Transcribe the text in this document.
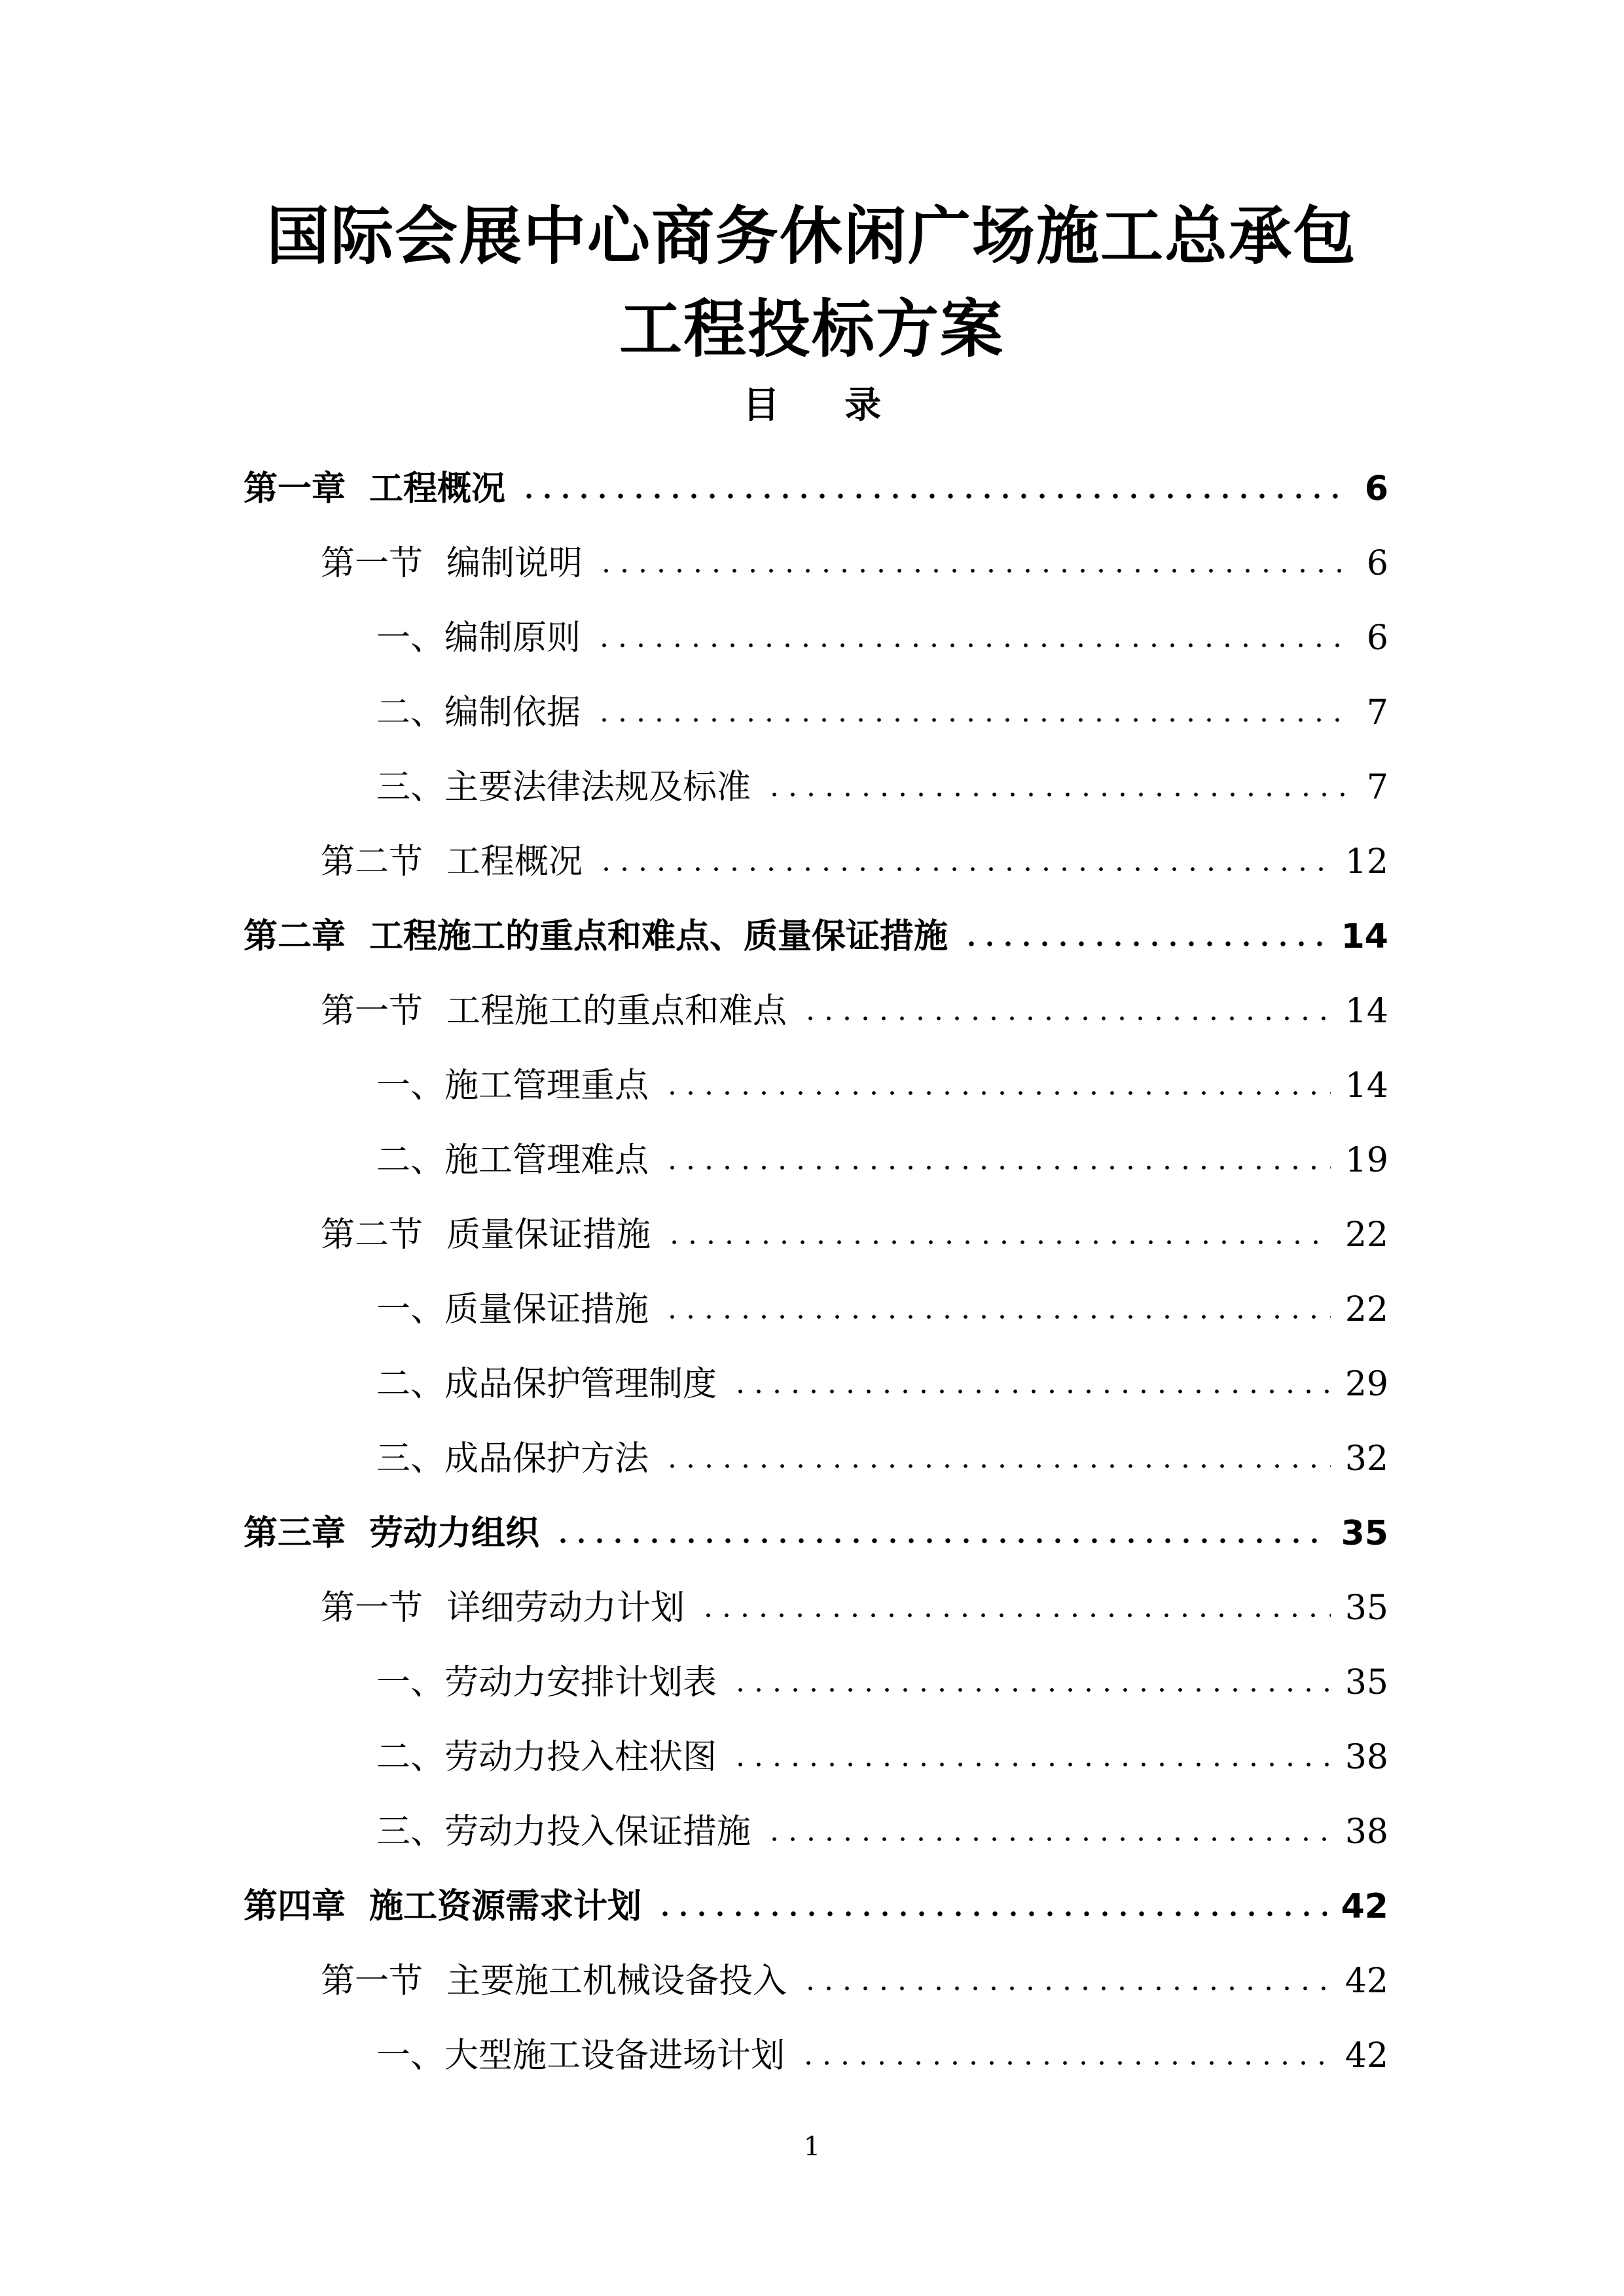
国际会展中心商务休闲广场施工总承包工程投标方案
目 录
第一章 工程概况	6
第一节 编制说明	6
一、编制原则	6
二、编制依据	7
三、主要法律法规及标准	7
第二节 工程概况	12
第二章 工程施工的重点和难点、质量保证措施	14
第一节 工程施工的重点和难点	14
一、施工管理重点	14
二、施工管理难点	19
第二节 质量保证措施	22
一、质量保证措施	22
二、成品保护管理制度	29
三、成品保护方法	32
第三章 劳动力组织	35
第一节 详细劳动力计划	35
一、劳动力安排计划表	35
二、劳动力投入柱状图	38
三、劳动力投入保证措施	38
第四章 施工资源需求计划	42
第一节 主要施工机械设备投入	42
一、大型施工设备进场计划	42
1
